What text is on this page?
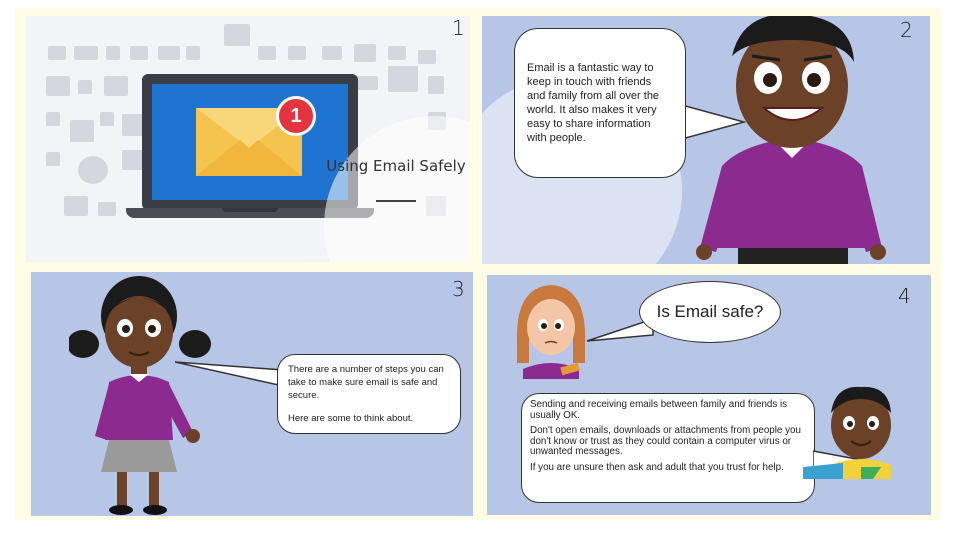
1
Using Email Safely
1

Email is a fantastic way to keep in touch with friends and family from all over the world. It also makes it very easy to share information with people.

2

There are a number of steps you can take to make sure email is safe and secure.

Here are some to think about.

3
Is Email safe?

Sending and receiving emails between family and friends is usually OK.

Don't open emails, downloads or attachments from people you don't know or trust as they could contain a computer virus or unwanted messages.

If you are unsure then ask and adult that you trust for help.

4
